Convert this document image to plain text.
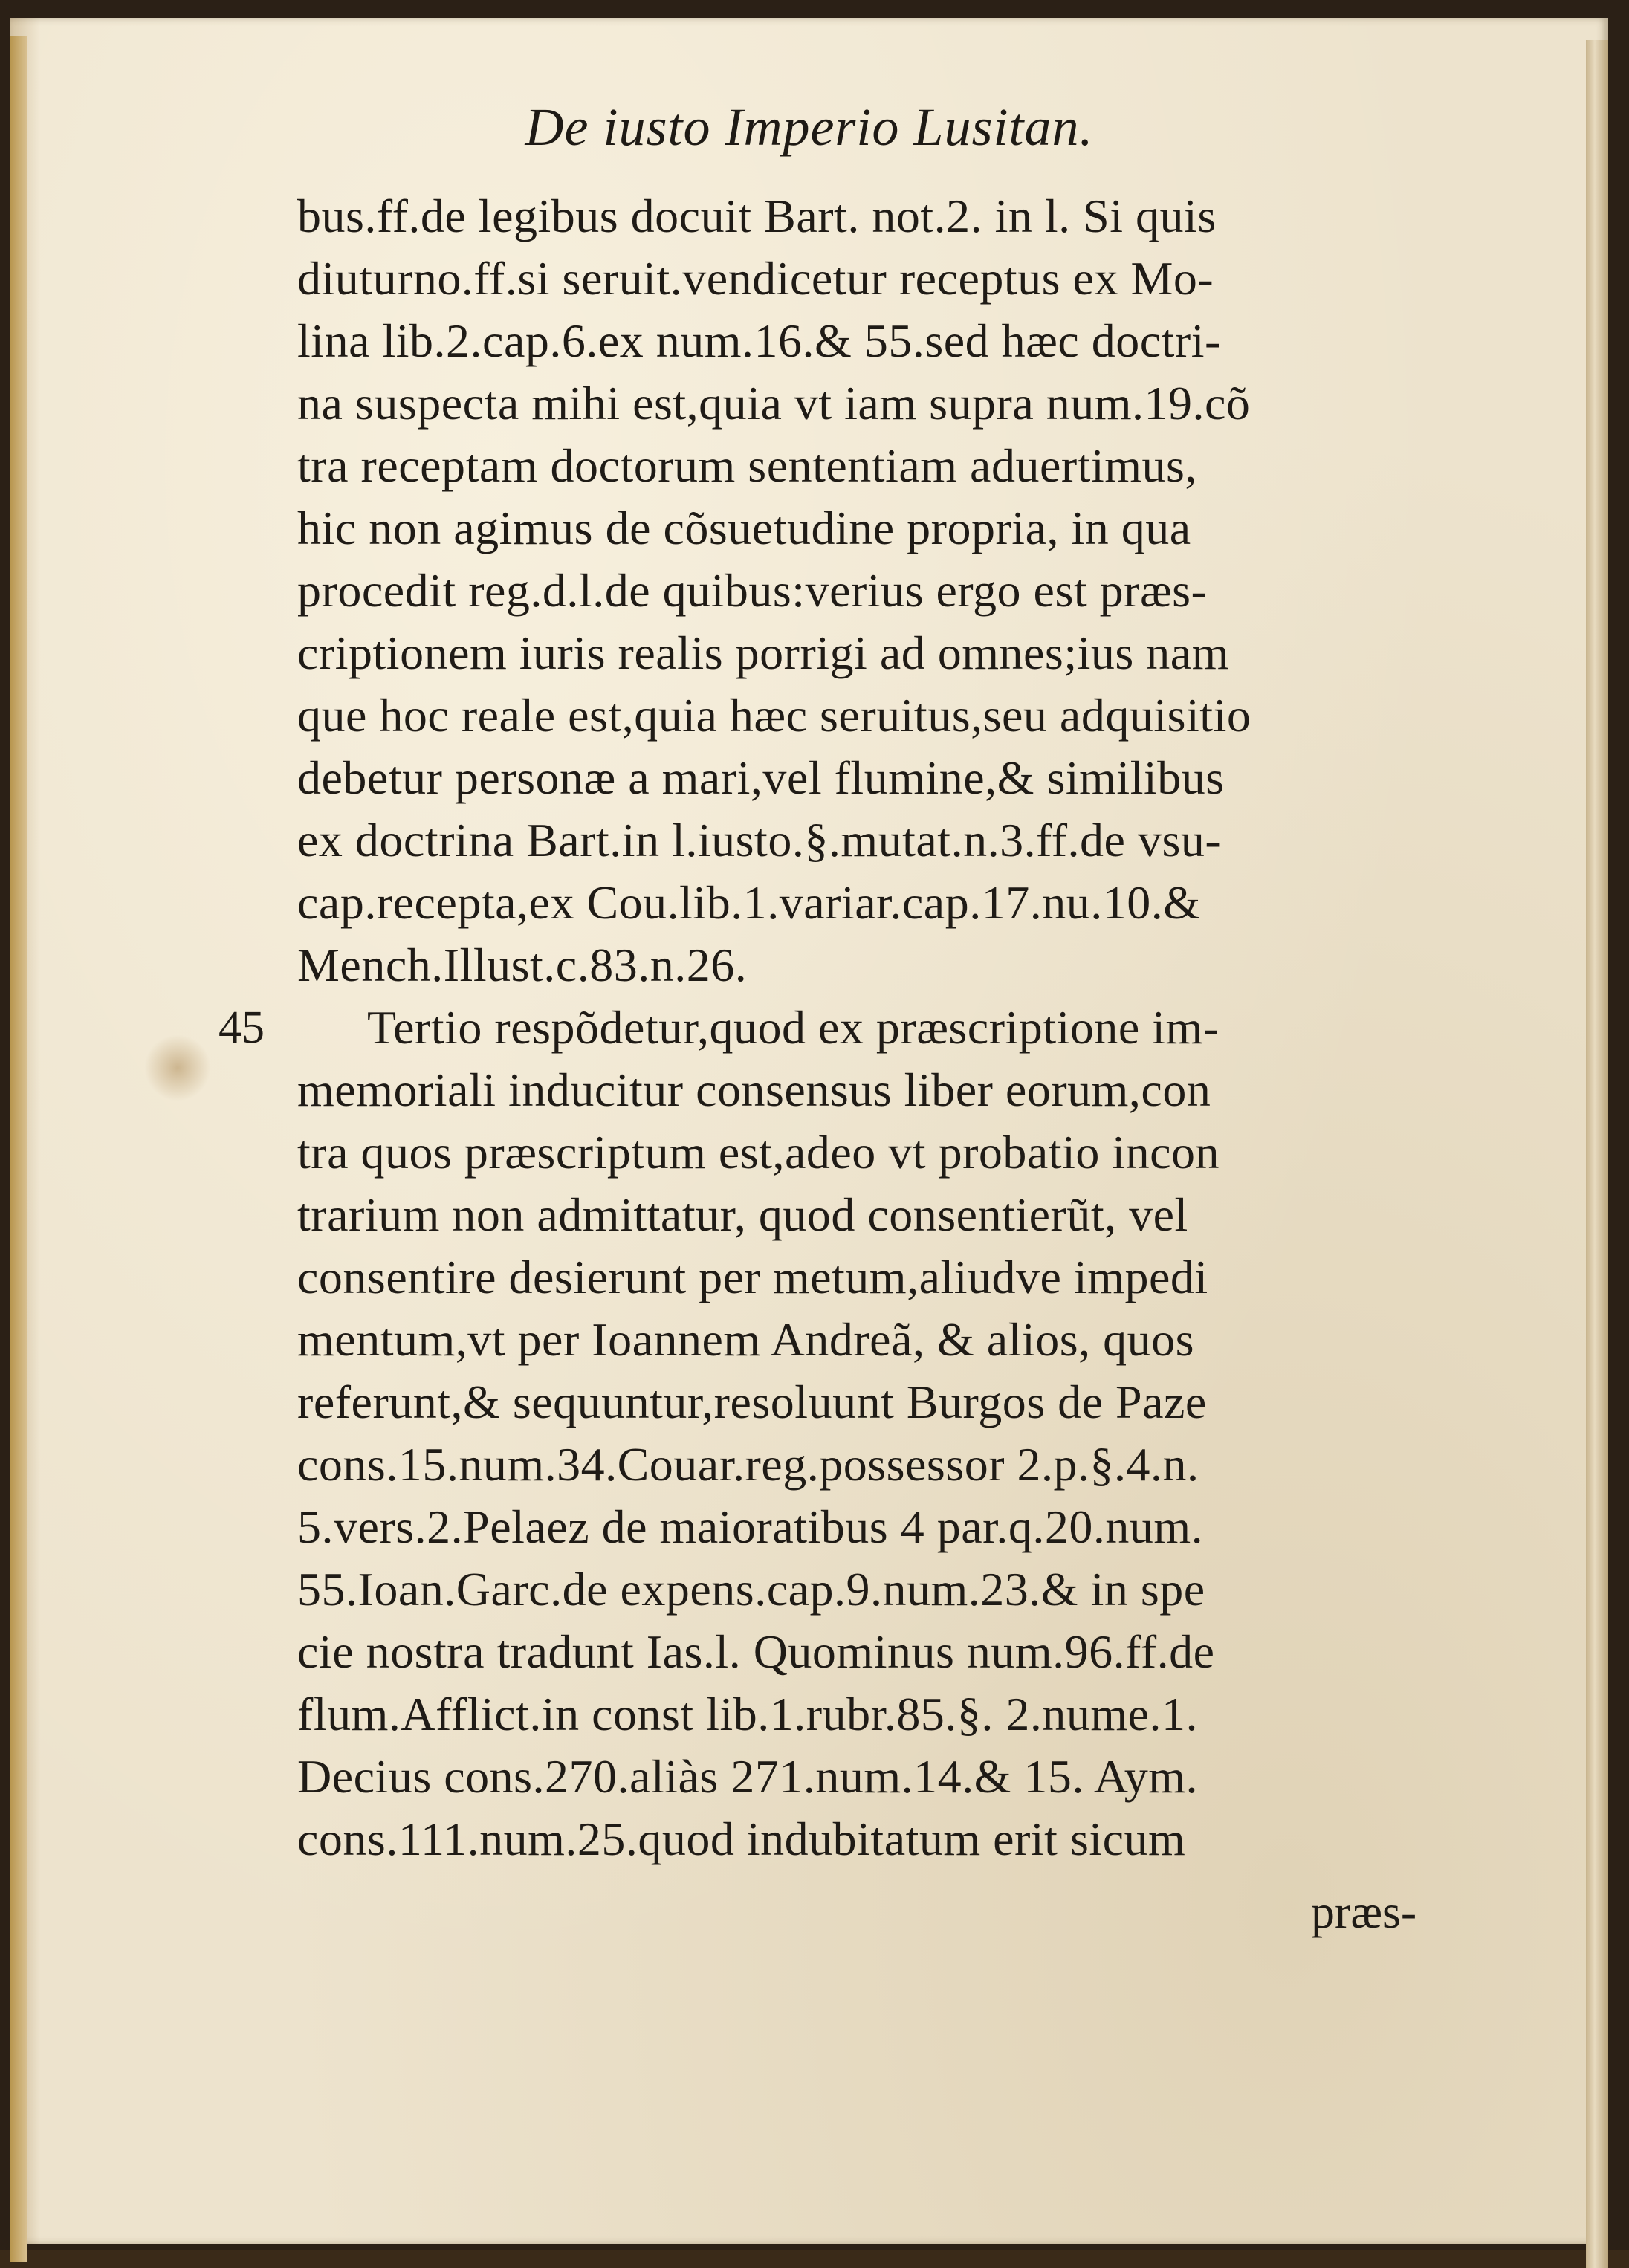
De iusto Imperio Lusitan.
bus.ff.de legibus docuit Bart. not.2. in l. Si quis
diuturno.ff.si seruit.vendicetur receptus ex Mo-
lina lib.2.cap.6.ex num.16.& 55.sed hæc doctri-
na suspecta mihi est,quia vt iam supra num.19.cõ
tra receptam doctorum sententiam aduertimus,
hic non agimus de cõsuetudine propria, in qua
procedit reg.d.l.de quibus:verius ergo est præs-
criptionem iuris realis porrigi ad omnes;ius nam
que hoc reale est,quia hæc seruitus,seu adquisitio
debetur personæ a mari,vel flumine,& similibus
ex doctrina Bart.in l.iusto.§.mutat.n.3.ff.de vsu-
cap.recepta,ex Cou.lib.1.variar.cap.17.nu.10.&
Mench.Illust.c.83.n.26.
45 Tertio respõdetur,quod ex præscriptione im-
memoriali inducitur consensus liber eorum,con
tra quos præscriptum est,adeo vt probatio incon
trarium non admittatur, quod consentierũt, vel
consentire desierunt per metum,aliudve impedi
mentum,vt per Ioannem Andreã, & alios, quos
referunt,& sequuntur,resoluunt Burgos de Paze
cons.15.num.34.Couar.reg.possessor 2.p.§.4.n.
5.vers.2.Pelaez de maioratibus 4 par.q.20.num.
55.Ioan.Garc.de expens.cap.9.num.23.& in spe
cie nostra tradunt Ias.l. Quominus num.96.ff.de
flum.Afflict.in const lib.1.rubr.85.§. 2.nume.1.
Decius cons.270.aliàs 271.num.14.& 15. Aym.
cons.111.num.25.quod indubitatum erit sicum
præs-
